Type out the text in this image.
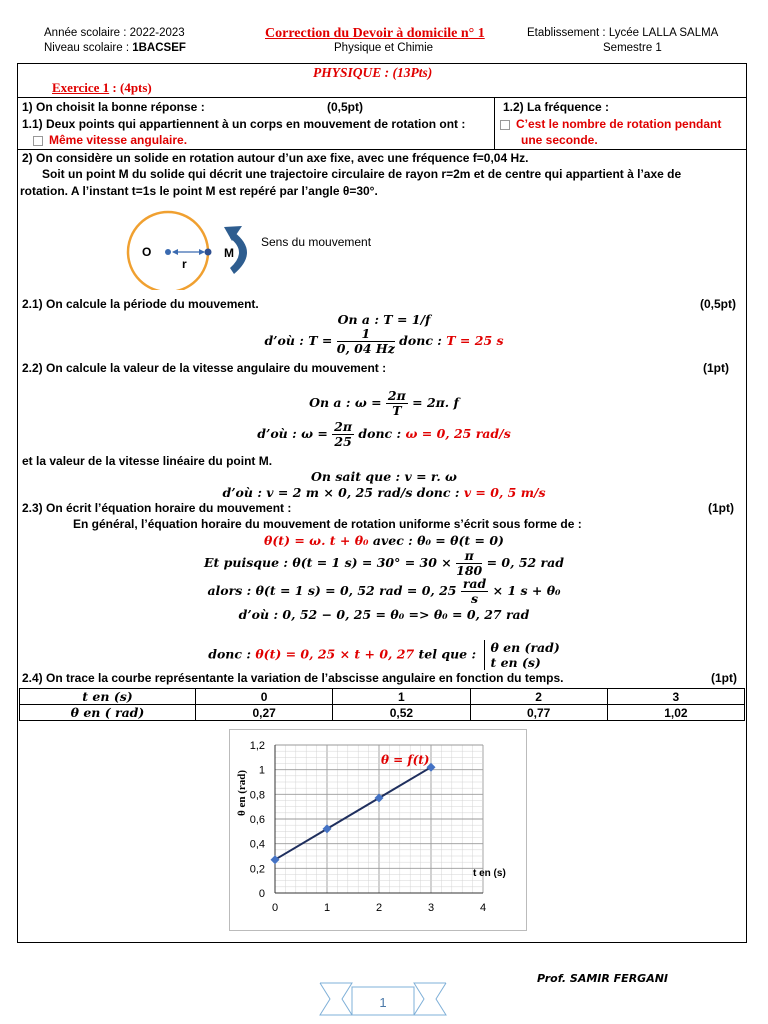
Année scolaire : 2022-2023
Niveau scolaire : 1BACSEF
Correction du Devoir à domicile n° 1
Physique et Chimie
Etablissement : Lycée LALLA SALMA
Semestre 1
PHYSIQUE : (13Pts)
Exercice 1 : (4pts)
1) On choisit la bonne réponse :	(0,5pt)
1.1) Deux points qui appartiennent à un corps en mouvement de rotation ont :
Même vitesse angulaire.
1.2) La fréquence :
C’est le nombre de rotation pendant
une seconde.
2) On considère un solide en rotation autour d’un axe fixe, avec une fréquence f=0,04 Hz.
Soit un point M du solide qui décrit une trajectoire circulaire de rayon r=2m et de centre qui appartient à l’axe de
rotation. A l’instant t=1s le point M est repéré par l’angle θ=30°.
O
r
M
Sens du mouvement
2.1) On calcule la période du mouvement.	(0,5pt)
On a : T = 1/f
d’où : $T = \frac{1}{0, 04 Hz}$ donc : T = 25 s
2.2) On calcule la valeur de la vitesse angulaire du mouvement :	(1pt)
On a : $\omega = \frac{2\pi}{T} = 2\pi$. f
d’où : $\omega = \frac{2\pi}{25}$ donc : ω = 0, 25 rad/s
et la valeur de la vitesse linéaire du point M.
On sait que : v = r. ω
d’où : v = 2 m × 0, 25 rad/s donc : v = 0, 5 m/s
2.3) On écrit l’équation horaire du mouvement :	(1pt)
En général, l’équation horaire du mouvement de rotation uniforme s’écrit sous forme de :
θ(t) = ω. t + θ₀ avec : θ₀ = θ(t = 0)
Et puisque : θ(t = 1 $s) = 30^\circ = 30 \times \frac{\pi}{180} = 0$, 52 rad
alors : θ(t = 1 s) = 0, 52 rad = 0, $25 \frac{\text{rad}}{s} \times 1$ s + θ₀
d’où : 0, 52 − 0, 25 = θ₀ => θ₀ = 0, 27 rad
donc : θ(t) = 0, 25 × t + 0, 27 tel que : θ en (rad)
t en (s)
2.4) On trace la courbe représentante la variation de l’abscisse angulaire en fonction du temps.	(1pt)
t en (s)	0	1	2	3
θ en ( rad)	0,27	0,52	0,77	1,02
0	1	2	3	4
0
0,2
0,4
0,6
0,8
1
1,2
θ = f(t)
t en (s)
θ en (rad)
Prof. SAMIR FERGANI
1
